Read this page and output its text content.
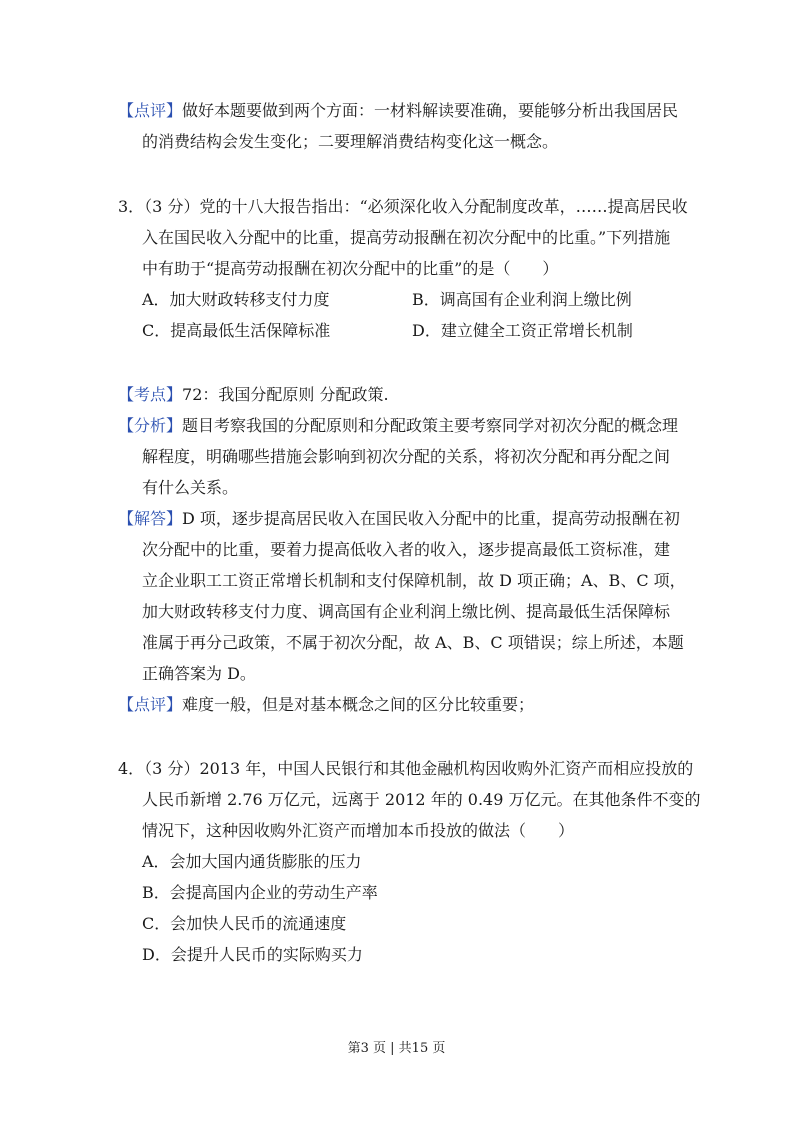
【点评】做好本题要做到两个方面：一材料解读要准确，要能够分析出我国居民
的消费结构会发生变化；二要理解消费结构变化这一概念。
3．（3 分）党的十八大报告指出：“必须深化收入分配制度改革，……提高居民收
入在国民收入分配中的比重，提高劳动报酬在初次分配中的比重。”下列措施
中有助于“提高劳动报酬在初次分配中的比重”的是（　　）
A．加大财政转移支付力度	B．调高国有企业利润上缴比例
C．提高最低生活保障标准	D．建立健全工资正常增长机制
【考点】72：我国分配原则 分配政策.
【分析】题目考察我国的分配原则和分配政策主要考察同学对初次分配的概念理
解程度，明确哪些措施会影响到初次分配的关系，将初次分配和再分配之间
有什么关系。
【解答】D 项，逐步提高居民收入在国民收入分配中的比重，提高劳动报酬在初
次分配中的比重，要着力提高低收入者的收入，逐步提高最低工资标准，建
立企业职工工资正常增长机制和支付保障机制，故 D 项正确；A、B、C 项，
加大财政转移支付力度、调高国有企业利润上缴比例、提高最低生活保障标
准属于再分己政策，不属于初次分配，故 A、B、C 项错误；综上所述，本题
正确答案为 D。
【点评】难度一般，但是对基本概念之间的区分比较重要；
4．（3 分）2013 年，中国人民银行和其他金融机构因收购外汇资产而相应投放的
人民币新增 2.76 万亿元，远离于 2012 年的 0.49 万亿元。在其他条件不变的
情况下，这种因收购外汇资产而增加本币投放的做法（　　）
A．会加大国内通货膨胀的压力
B．会提高国内企业的劳动生产率
C．会加快人民币的流通速度
D．会提升人民币的实际购买力
第3 页 | 共15 页
